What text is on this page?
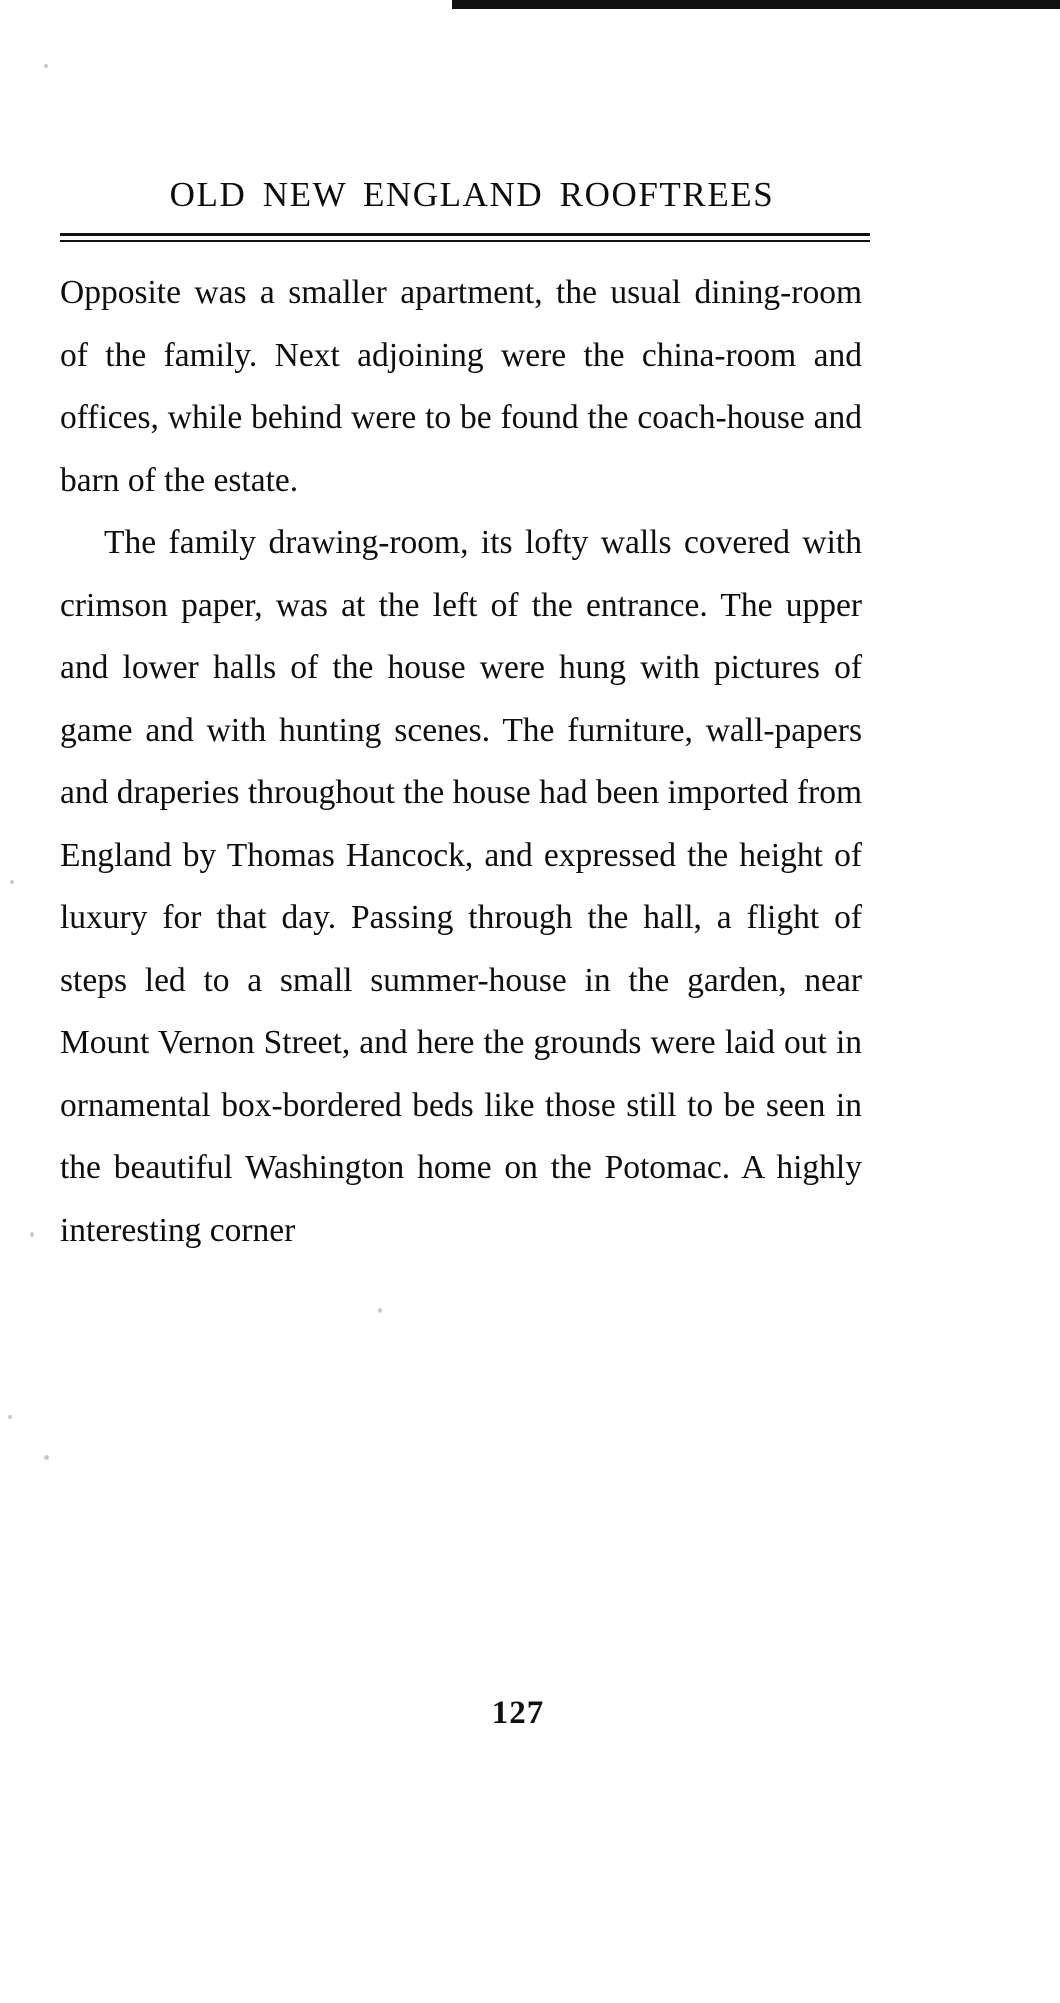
OLD NEW ENGLAND ROOFTREES

Opposite was a smaller apartment, the usual dining-room of the family. Next adjoining were the china-room and offices, while behind were to be found the coach-house and barn of the estate.

The family drawing-room, its lofty walls covered with crimson paper, was at the left of the entrance. The upper and lower halls of the house were hung with pictures of game and with hunting scenes. The furniture, wall-papers and draperies throughout the house had been imported from England by Thomas Hancock, and expressed the height of luxury for that day. Passing through the hall, a flight of steps led to a small summer-house in the garden, near Mount Vernon Street, and here the grounds were laid out in ornamental box-bordered beds like those still to be seen in the beautiful Washington home on the Potomac. A highly interesting corner

127
